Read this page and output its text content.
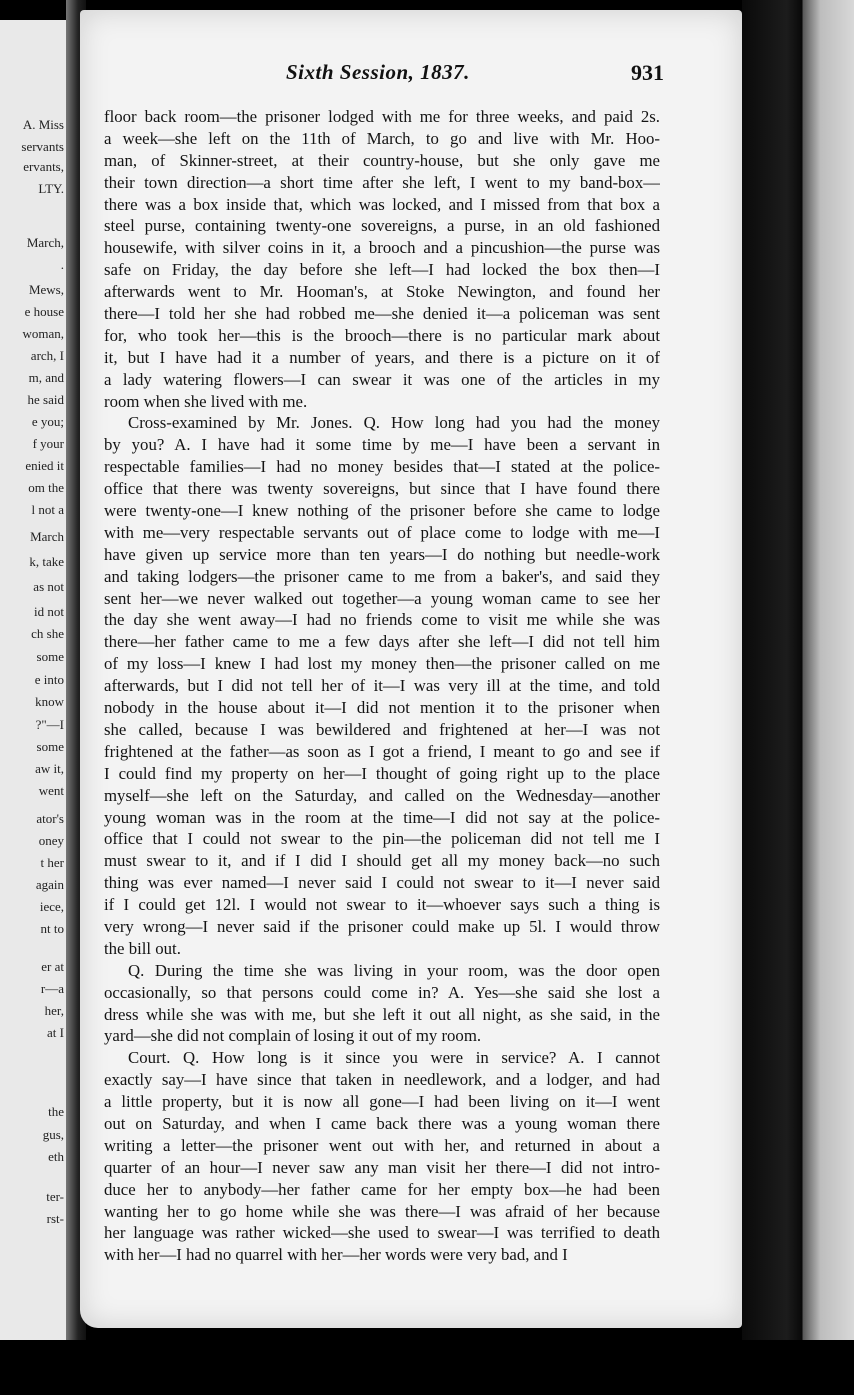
A. Miss
servants
ervants,
LTY.
March,
.
Mews,
e house
woman,
arch, I
m, and
he said
e you;
f your
enied it
om the
l not a
March
k, take
as not
id not
ch she
some
e into
know
?"—I
some
aw it,
went
ator's
oney
t her
again
iece,
nt to
er at
r—a
her,
at I
the
gus,
eth
ter-
rst-
Sixth Session, 1837.	931
floor back room—the prisoner lodged with me for three weeks, and paid 2s.
a week—she left on the 11th of March, to go and live with Mr. Hoo-
man, of Skinner-street, at their country-house, but she only gave me
their town direction—a short time after she left, I went to my band-box—
there was a box inside that, which was locked, and I missed from that box a
steel purse, containing twenty-one sovereigns, a purse, in an old fashioned
housewife, with silver coins in it, a brooch and a pincushion—the purse was
safe on Friday, the day before she left—I had locked the box then—I
afterwards went to Mr. Hooman's, at Stoke Newington, and found her
there—I told her she had robbed me—she denied it—a policeman was sent
for, who took her—this is the brooch—there is no particular mark about
it, but I have had it a number of years, and there is a picture on it of
a lady watering flowers—I can swear it was one of the articles in my
room when she lived with me.
Cross-examined by Mr. Jones. Q. How long had you had the money
by you? A. I have had it some time by me—I have been a servant in
respectable families—I had no money besides that—I stated at the police-
office that there was twenty sovereigns, but since that I have found there
were twenty-one—I knew nothing of the prisoner before she came to lodge
with me—very respectable servants out of place come to lodge with me—I
have given up service more than ten years—I do nothing but needle-work
and taking lodgers—the prisoner came to me from a baker's, and said they
sent her—we never walked out together—a young woman came to see her
the day she went away—I had no friends come to visit me while she was
there—her father came to me a few days after she left—I did not tell him
of my loss—I knew I had lost my money then—the prisoner called on me
afterwards, but I did not tell her of it—I was very ill at the time, and told
nobody in the house about it—I did not mention it to the prisoner when
she called, because I was bewildered and frightened at her—I was not
frightened at the father—as soon as I got a friend, I meant to go and see if
I could find my property on her—I thought of going right up to the place
myself—she left on the Saturday, and called on the Wednesday—another
young woman was in the room at the time—I did not say at the police-
office that I could not swear to the pin—the policeman did not tell me I
must swear to it, and if I did I should get all my money back—no such
thing was ever named—I never said I could not swear to it—I never said
if I could get 12l. I would not swear to it—whoever says such a thing is
very wrong—I never said if the prisoner could make up 5l. I would throw
the bill out.
Q. During the time she was living in your room, was the door open
occasionally, so that persons could come in? A. Yes—she said she lost a
dress while she was with me, but she left it out all night, as she said, in the
yard—she did not complain of losing it out of my room.
Court. Q. How long is it since you were in service? A. I cannot
exactly say—I have since that taken in needlework, and a lodger, and had
a little property, but it is now all gone—I had been living on it—I went
out on Saturday, and when I came back there was a young woman there
writing a letter—the prisoner went out with her, and returned in about a
quarter of an hour—I never saw any man visit her there—I did not intro-
duce her to anybody—her father came for her empty box—he had been
wanting her to go home while she was there—I was afraid of her because
her language was rather wicked—she used to swear—I was terrified to death
with her—I had no quarrel with her—her words were very bad, and I
